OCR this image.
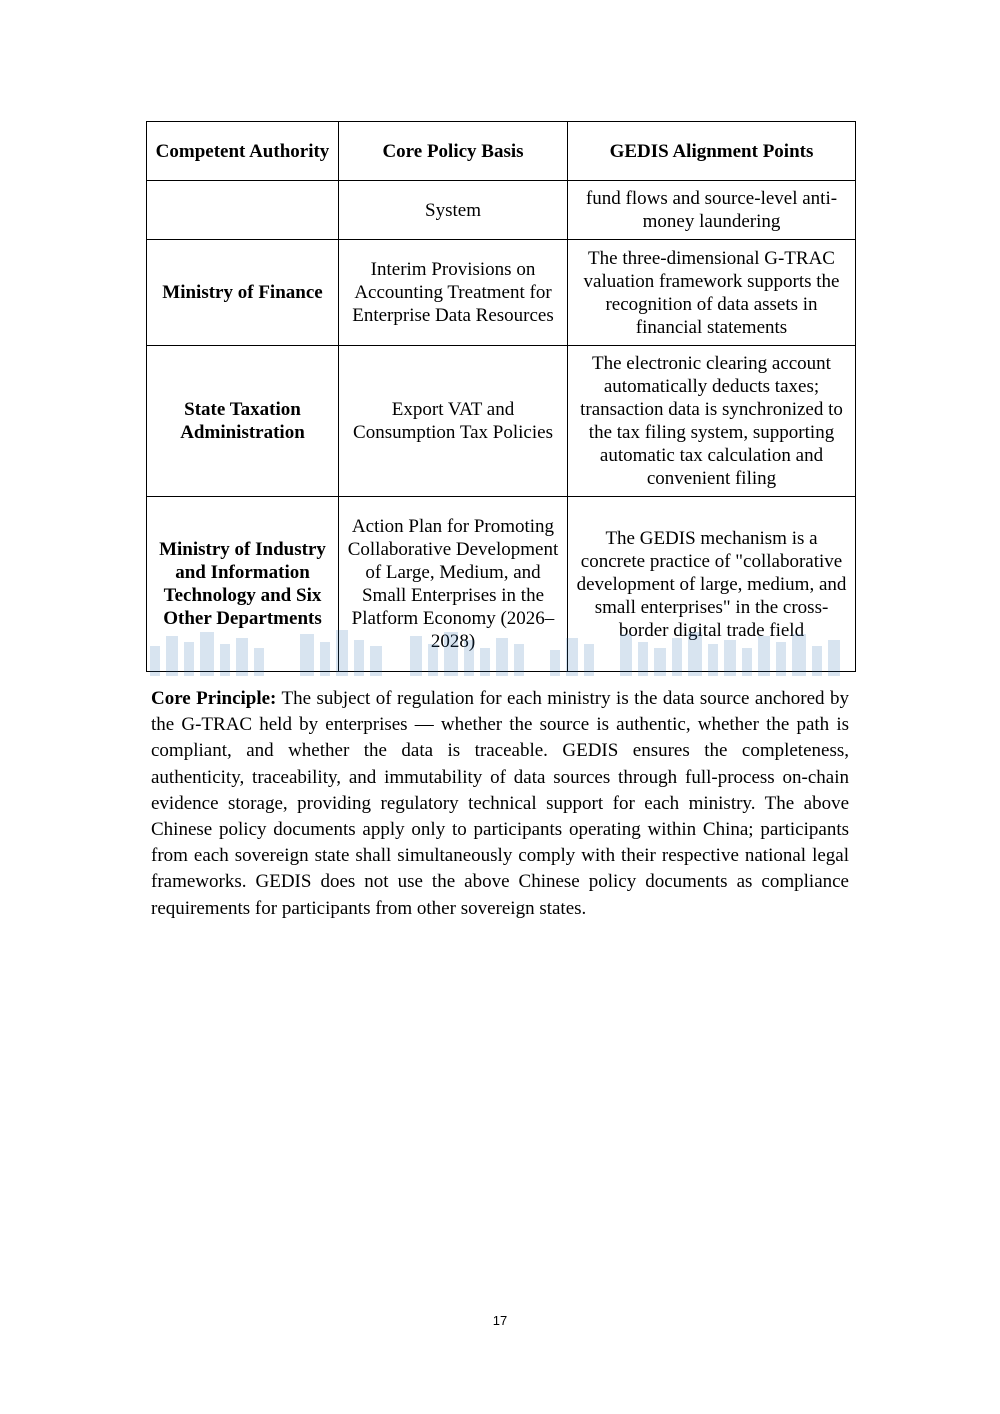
Competent Authority	Core Policy Basis	GEDIS Alignment Points
	System	fund flows and source-level anti-money laundering
Ministry of Finance	Interim Provisions on Accounting Treatment for Enterprise Data Resources	The three-dimensional G-TRAC valuation framework supports the recognition of data assets in financial statements
State Taxation Administration	Export VAT and Consumption Tax Policies	The electronic clearing account automatically deducts taxes; transaction data is synchronized to the tax filing system, supporting automatic tax calculation and convenient filing
Ministry of Industry and Information Technology and Six Other Departments	Action Plan for Promoting Collaborative Development of Large, Medium, and Small Enterprises in the Platform Economy (2026–2028)	The GEDIS mechanism is a concrete practice of "collaborative development of large, medium, and small enterprises" in the cross-border digital trade field

Core Principle: The subject of regulation for each ministry is the data source anchored by the G-TRAC held by enterprises — whether the source is authentic, whether the path is compliant, and whether the data is traceable. GEDIS ensures the completeness, authenticity, traceability, and immutability of data sources through full-process on-chain evidence storage, providing regulatory technical support for each ministry. The above Chinese policy documents apply only to participants operating within China; participants from each sovereign state shall simultaneously comply with their respective national legal frameworks. GEDIS does not use the above Chinese policy documents as compliance requirements for participants from other sovereign states.

17
